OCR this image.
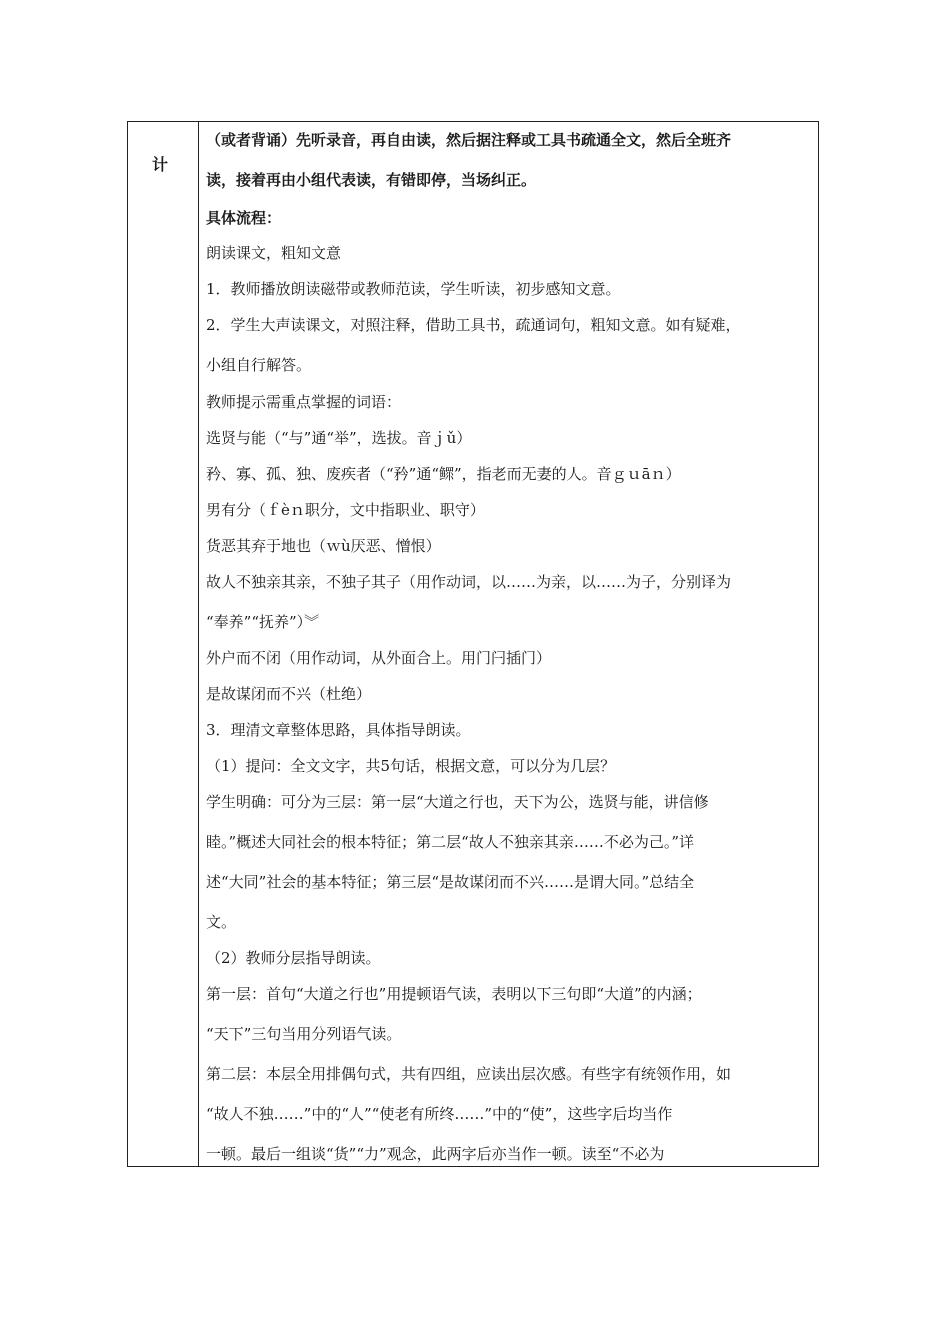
计
（或者背诵）先听录音，再自由读，然后据注释或工具书疏通全文，然后全班齐
读，接着再由小组代表读，有错即停，当场纠正。
具体流程：
朗读课文，粗知文意
1．教师播放朗读磁带或教师范读，学生听读，初步感知文意。
2．学生大声读课文，对照注释，借助工具书，疏通词句，粗知文意。如有疑难，
小组自行解答。
教师提示需重点掌握的词语：
选贤与能（“与”通“举”，选拔。音ｊǔ）
矜、寡、孤、独、废疾者（“矜”通“鳏”，指老而无妻的人。音ｇｕāｎ）
男有分（ｆèｎ职分，文中指职业、职守）
货恶其弃于地也（ｗù厌恶、憎恨）
故人不独亲其亲，不独子其子（用作动词，以……为亲，以……为子，分别译为
“奉养”“抚养”）︾
外户而不闭（用作动词，从外面合上。用门闩插门）
是故谋闭而不兴（杜绝）
3．理清文章整体思路，具体指导朗读。
（1）提问：全文文字，共5句话，根据文意，可以分为几层？
学生明确：可分为三层：第一层“大道之行也，天下为公，选贤与能，讲信修
睦。”概述大同社会的根本特征；第二层“故人不独亲其亲……不必为己。”详
述“大同”社会的基本特征；第三层“是故谋闭而不兴……是谓大同。”总结全
文。
（2）教师分层指导朗读。
第一层：首句“大道之行也”用提顿语气读，表明以下三句即“大道”的内涵；
“天下”三句当用分列语气读。
第二层：本层全用排偶句式，共有四组，应读出层次感。有些字有统领作用，如
“故人不独……”中的“人”“使老有所终……”中的“使”，这些字后均当作
一顿。最后一组谈“货”“力”观念，此两字后亦当作一顿。读至“不必为
